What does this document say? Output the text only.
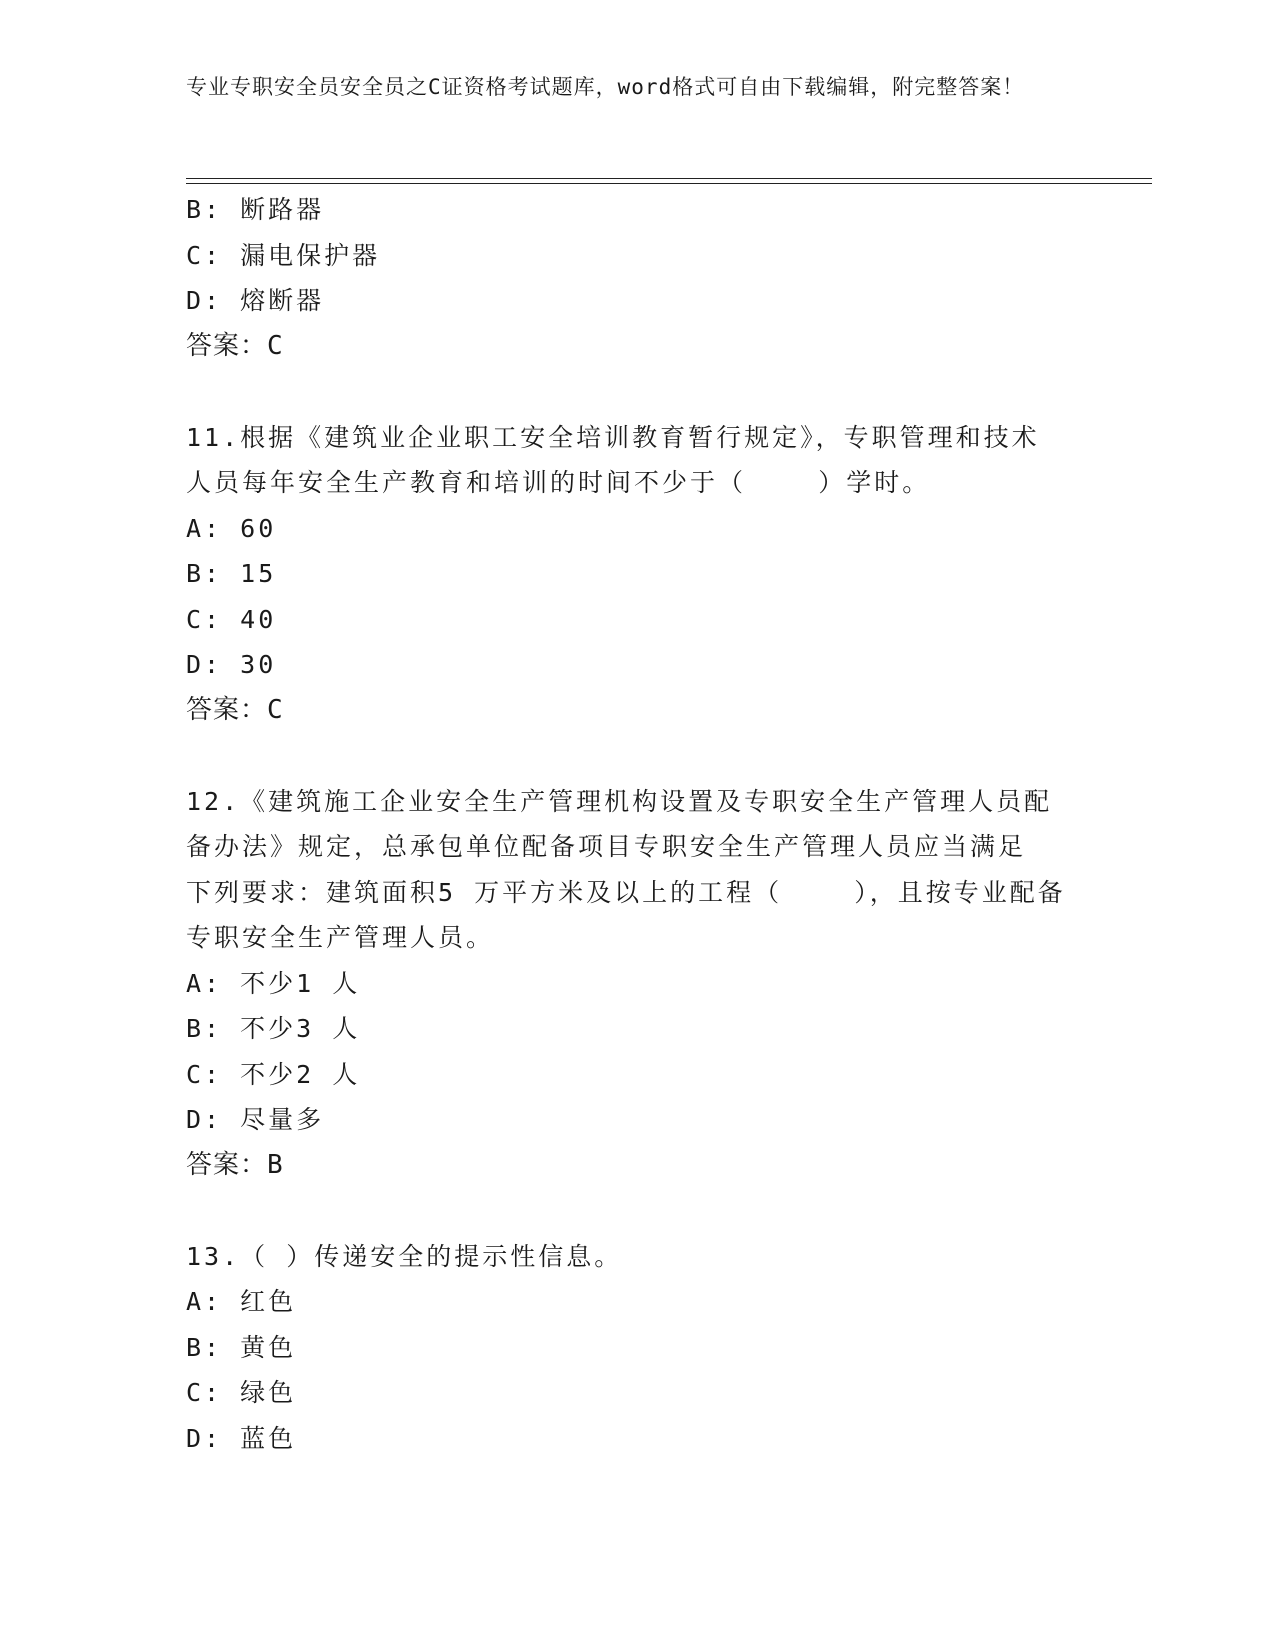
专业专职安全员安全员之C证资格考试题库，word格式可自由下载编辑，附完整答案！
B: 断路器
C: 漏电保护器
D: 熔断器
答案：C
11.根据《建筑业企业职工安全培训教育暂行规定》，专职管理和技术
人员每年安全生产教育和培训的时间不少于（    ）学时。
A: 60
B: 15
C: 40
D: 30
答案：C
12.《建筑施工企业安全生产管理机构设置及专职安全生产管理人员配
备办法》规定，总承包单位配备项目专职安全生产管理人员应当满足
下列要求：建筑面积5 万平方米及以上的工程（    ），且按专业配备
专职安全生产管理人员。
A: 不少1 人
B: 不少3 人
C: 不少2 人
D: 尽量多
答案：B
13.（ ）传递安全的提示性信息。
A: 红色
B: 黄色
C: 绿色
D: 蓝色
